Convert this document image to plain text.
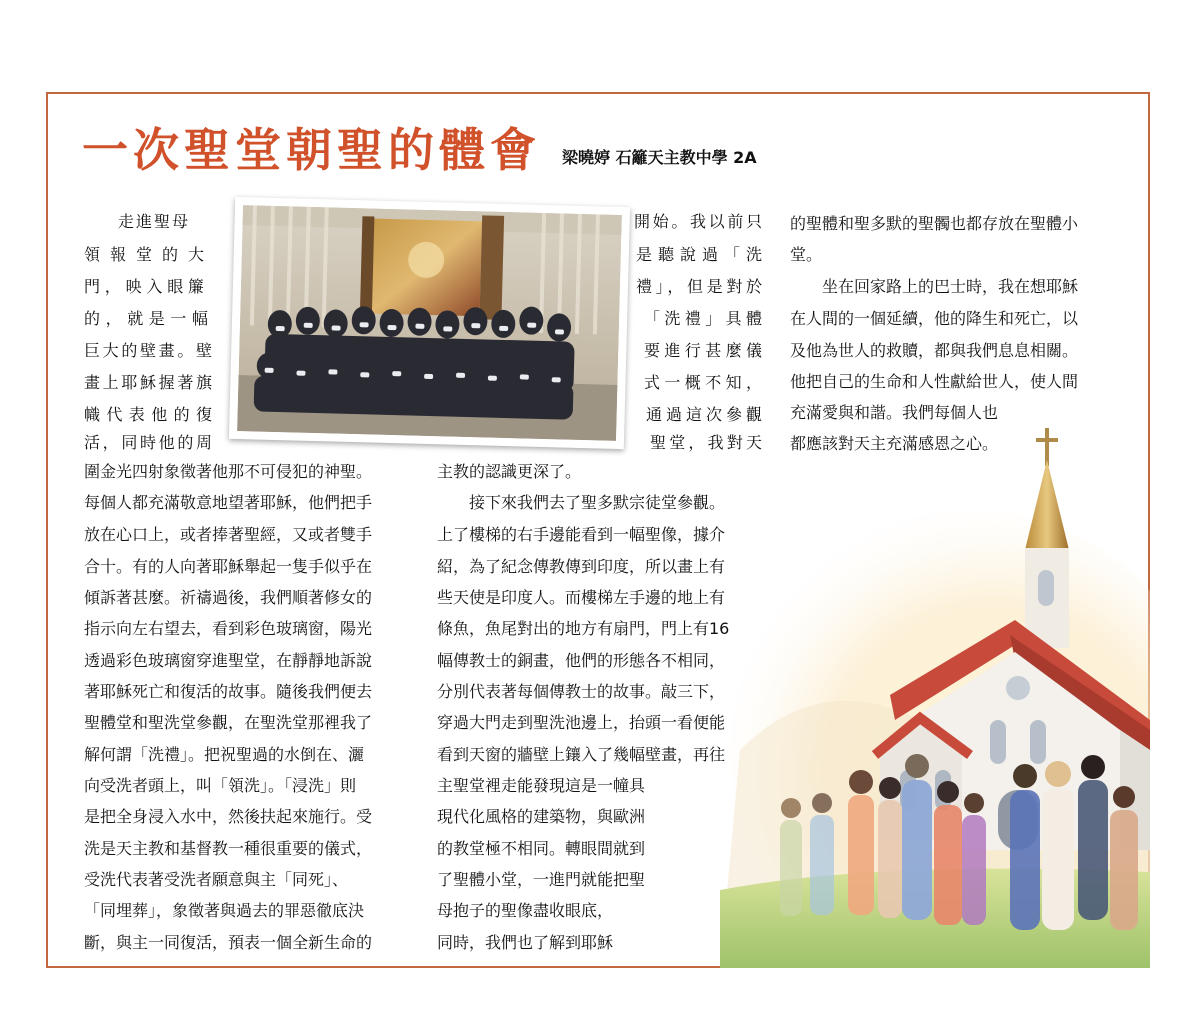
一次聖堂朝聖的體會 梁曉婷 石籬天主教中學 2A
走進聖母
領報堂的大
門，映入眼簾
的，就是一幅
巨大的壁畫。壁
畫上耶穌握著旗
幟代表他的復
活，同時他的周
圍金光四射象徵著他那不可侵犯的神聖。
每個人都充滿敬意地望著耶穌，他們把手
放在心口上，或者捧著聖經，又或者雙手
合十。有的人向著耶穌舉起一隻手似乎在
傾訴著甚麼。祈禱過後，我們順著修女的
指示向左右望去，看到彩色玻璃窗，陽光
透過彩色玻璃窗穿進聖堂，在靜靜地訴說
著耶穌死亡和復活的故事。隨後我們便去
聖體堂和聖洗堂參觀，在聖洗堂那裡我了
解何謂「洗禮」。把祝聖過的水倒在、灑
向受洗者頭上，叫「領洗」。「浸洗」則
是把全身浸入水中，然後扶起來施行。受
洗是天主教和基督教一種很重要的儀式，
受洗代表著受洗者願意與主「同死」、
「同埋葬」，象徵著與過去的罪惡徹底決
斷，與主一同復活，預表一個全新生命的
開始。我以前只
是聽說過「洗
禮」，但是對於
「洗禮」具體
要進行甚麼儀
式一概不知，
通過這次參觀
聖堂，我對天
主教的認識更深了。
接下來我們去了聖多默宗徒堂參觀。
上了樓梯的右手邊能看到一幅聖像，據介
紹，為了紀念傳教傳到印度，所以畫上有
些天使是印度人。而樓梯左手邊的地上有
條魚，魚尾對出的地方有扇門，門上有16
幅傳教士的銅畫，他們的形態各不相同，
分別代表著每個傳教士的故事。敲三下，
穿過大門走到聖洗池邊上，抬頭一看便能
看到天窗的牆壁上鑲入了幾幅壁畫，再往
主聖堂裡走能發現這是一幢具
現代化風格的建築物，與歐洲
的教堂極不相同。轉眼間就到
了聖體小堂，一進門就能把聖
母抱子的聖像盡收眼底，
同時，我們也了解到耶穌
的聖體和聖多默的聖髑也都存放在聖體小
堂。
坐在回家路上的巴士時，我在想耶穌
在人間的一個延續，他的降生和死亡，以
及他為世人的救贖，都與我們息息相關。
他把自己的生命和人性獻給世人，使人間
充滿愛與和諧。我們每個人也
都應該對天主充滿感恩之心。
